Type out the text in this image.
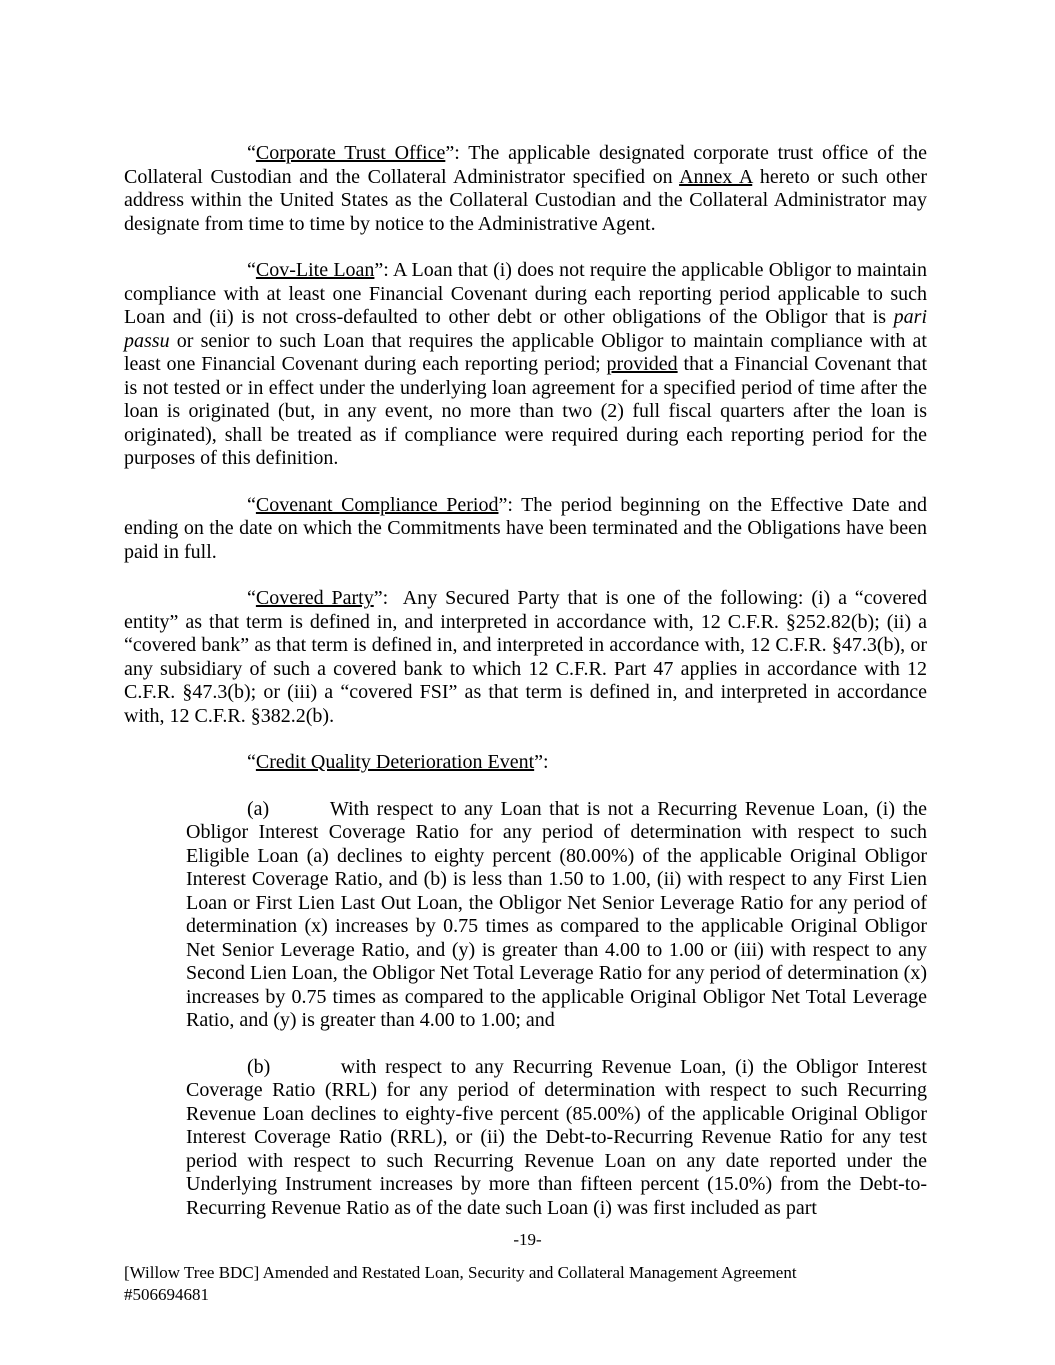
“Corporate Trust Office”: The applicable designated corporate trust office of the Collateral Custodian and the Collateral Administrator specified on Annex A hereto or such other address within the United States as the Collateral Custodian and the Collateral Administrator may designate from time to time by notice to the Administrative Agent.

“Cov-Lite Loan”: A Loan that (i) does not require the applicable Obligor to maintain compliance with at least one Financial Covenant during each reporting period applicable to such Loan and (ii) is not cross-defaulted to other debt or other obligations of the Obligor that is pari passu or senior to such Loan that requires the applicable Obligor to maintain compliance with at least one Financial Covenant during each reporting period; provided that a Financial Covenant that is not tested or in effect under the underlying loan agreement for a specified period of time after the loan is originated (but, in any event, no more than two (2) full fiscal quarters after the loan is originated), shall be treated as if compliance were required during each reporting period for the purposes of this definition.

“Covenant Compliance Period”: The period beginning on the Effective Date and ending on the date on which the Commitments have been terminated and the Obligations have been paid in full.

“Covered Party”:  Any Secured Party that is one of the following: (i) a “covered entity” as that term is defined in, and interpreted in accordance with, 12 C.F.R. §252.82(b); (ii) a “covered bank” as that term is defined in, and interpreted in accordance with, 12 C.F.R. §47.3(b), or any subsidiary of such a covered bank to which 12 C.F.R. Part 47 applies in accordance with 12 C.F.R. §47.3(b); or (iii) a “covered FSI” as that term is defined in, and interpreted in accordance with, 12 C.F.R. §382.2(b).

“Credit Quality Deterioration Event”:

(a)        With respect to any Loan that is not a Recurring Revenue Loan, (i) the Obligor Interest Coverage Ratio for any period of determination with respect to such Eligible Loan (a) declines to eighty percent (80.00%) of the applicable Original Obligor Interest Coverage Ratio, and (b) is less than 1.50 to 1.00, (ii) with respect to any First Lien Loan or First Lien Last Out Loan, the Obligor Net Senior Leverage Ratio for any period of determination (x) increases by 0.75 times as compared to the applicable Original Obligor Net Senior Leverage Ratio, and (y) is greater than 4.00 to 1.00 or (iii) with respect to any Second Lien Loan, the Obligor Net Total Leverage Ratio for any period of determination (x) increases by 0.75 times as compared to the applicable Original Obligor Net Total Leverage Ratio, and (y) is greater than 4.00 to 1.00; and

(b)        with respect to any Recurring Revenue Loan, (i) the Obligor Interest Coverage Ratio (RRL) for any period of determination with respect to such Recurring Revenue Loan declines to eighty-five percent (85.00%) of the applicable Original Obligor Interest Coverage Ratio (RRL), or (ii) the Debt-to-Recurring Revenue Ratio for any test period with respect to such Recurring Revenue Loan on any date reported under the Underlying Instrument increases by more than fifteen percent (15.0%) from the Debt-to-Recurring Revenue Ratio as of the date such Loan (i) was first included as part

-19-
[Willow Tree BDC] Amended and Restated Loan, Security and Collateral Management Agreement
#506694681
